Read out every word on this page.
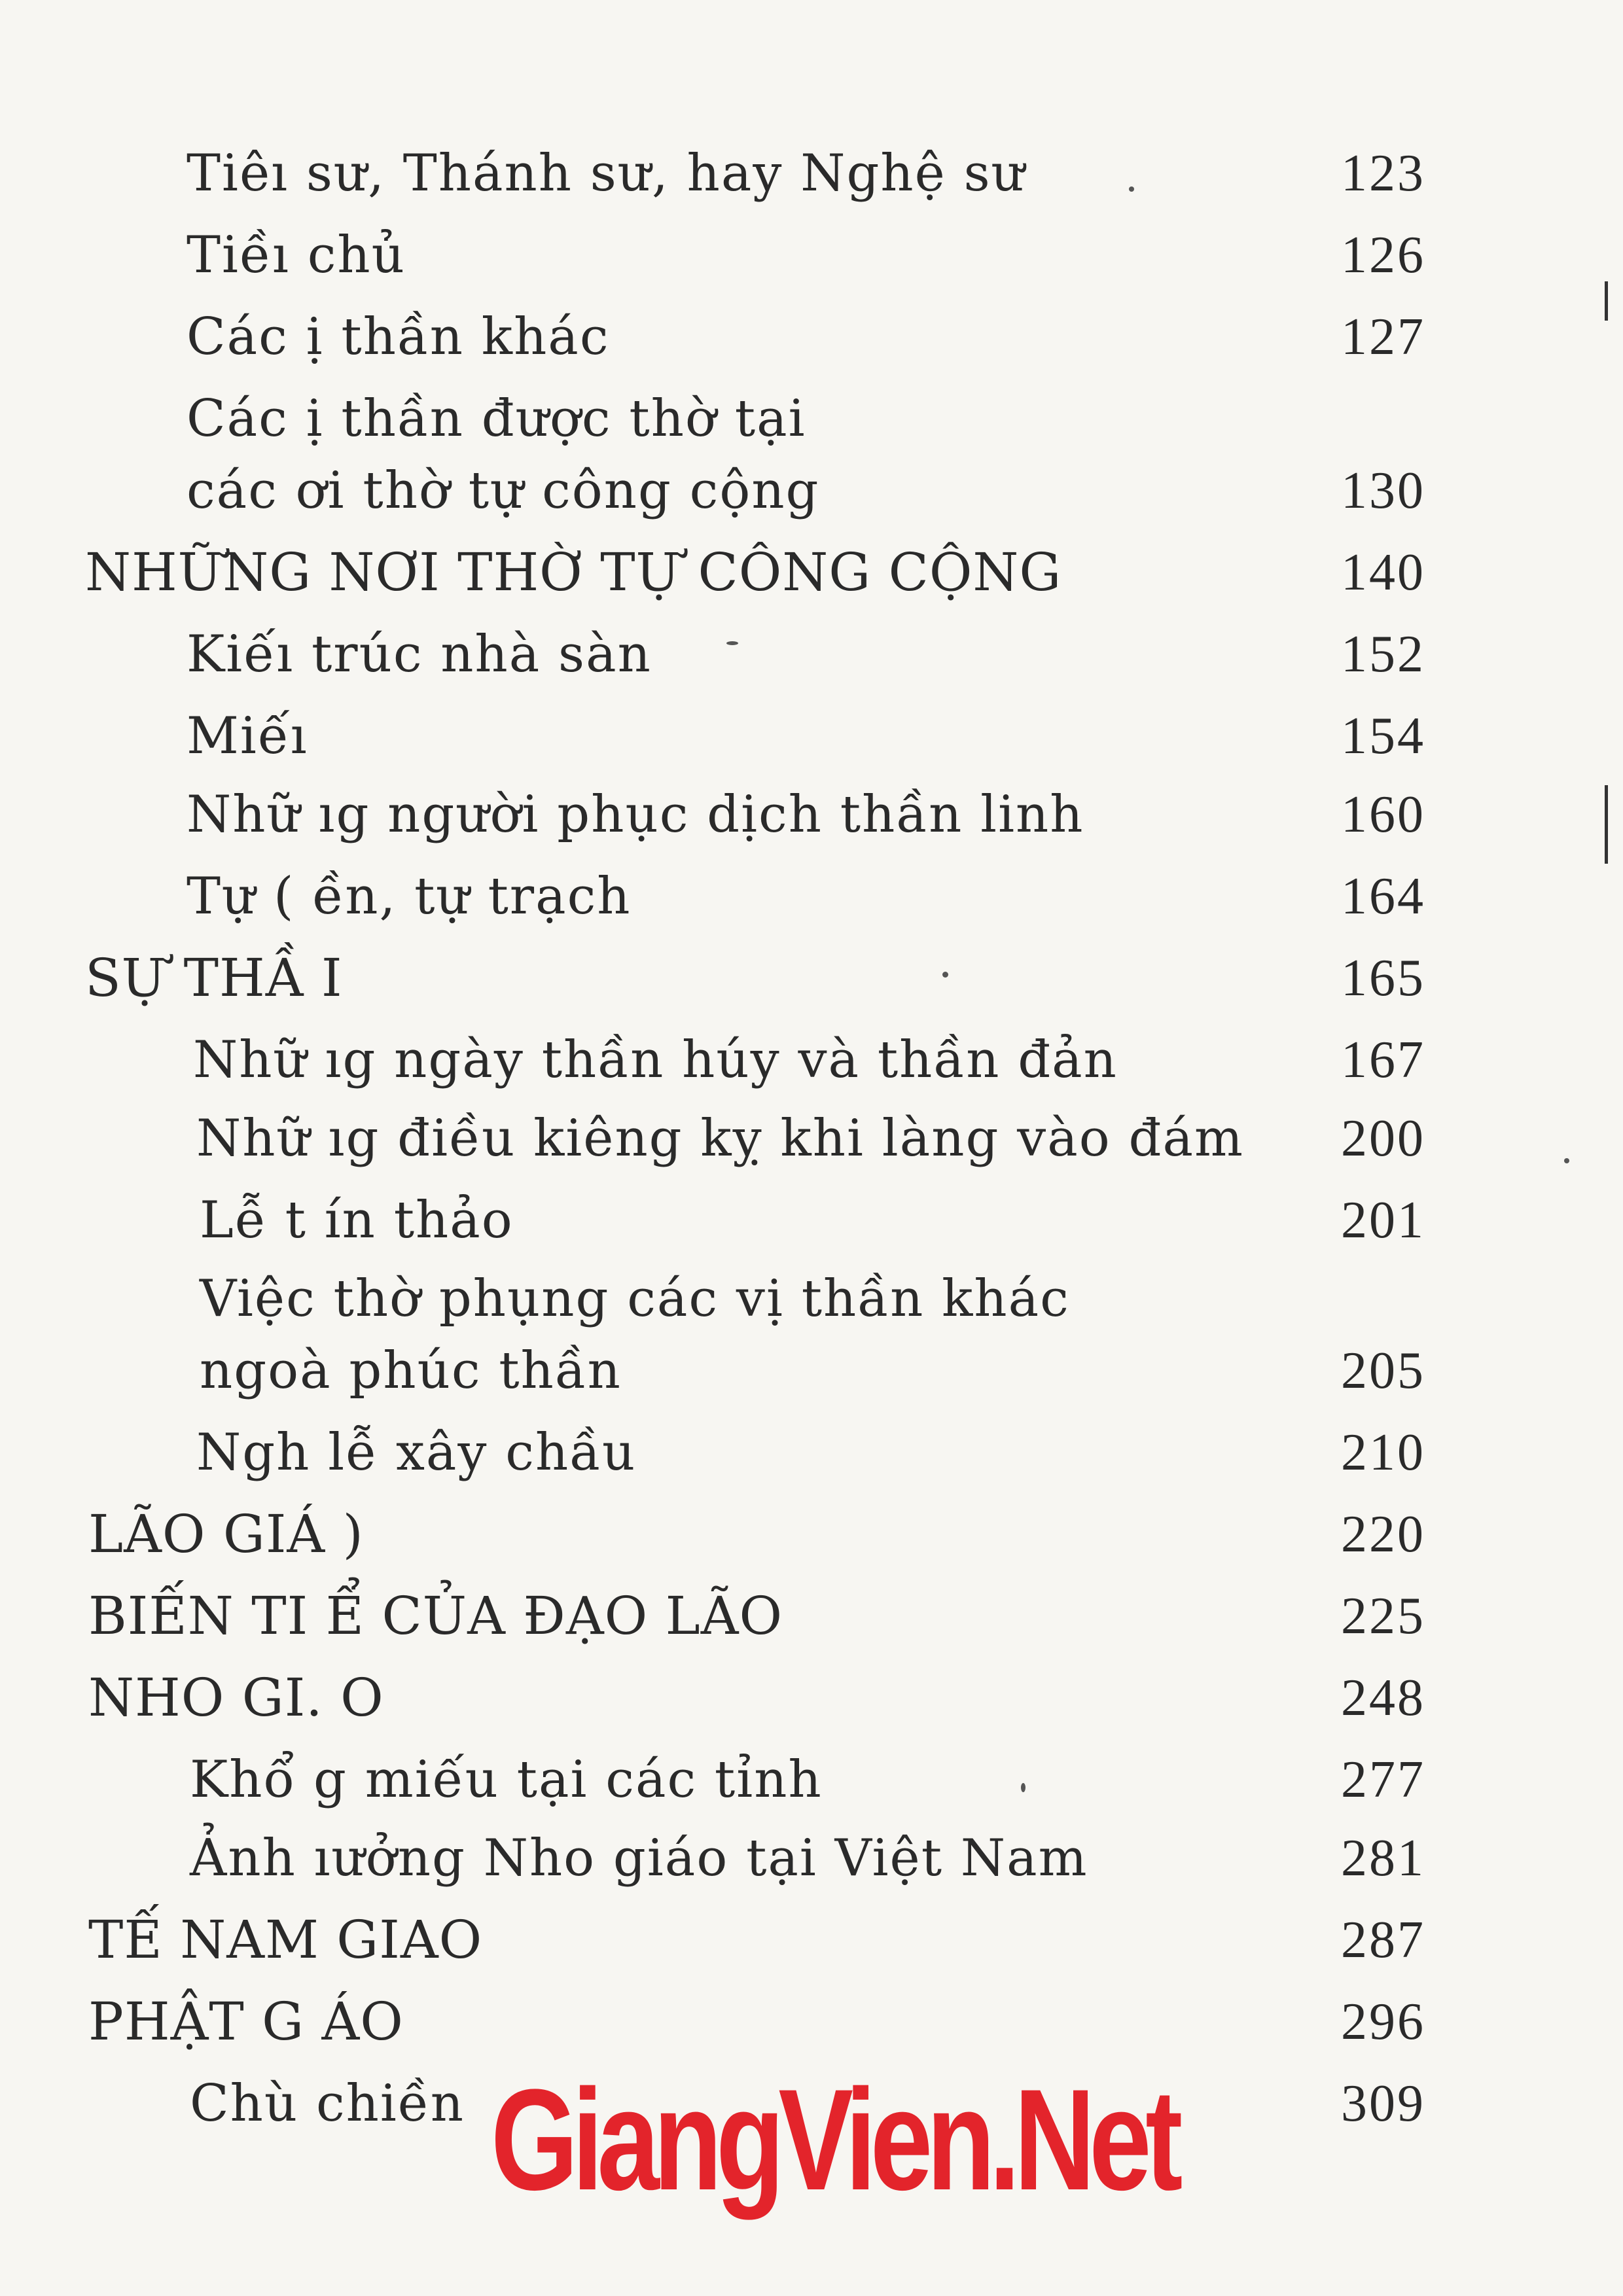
Tiêı sư, Thánh sư, hay Nghệ sư	123
Tiềı chủ	126
Các ị thần khác	127
Các ị thần được thờ tại
các ơi thờ tự công cộng	130
NHỮNG NƠI THỜ TỰ CÔNG CỘNG	140
Kiếı trúc nhà sàn	152
Miếı	154
Nhữ ıg người phục dịch thần linh	160
Tự ( ền, tự trạch	164
SỰ THẦ I	165
Nhữ ıg ngày thần húy và thần đản	167
Nhữ ıg điều kiêng kỵ khi làng vào đám	200
Lễ t ín thảo	201
Việc thờ phụng các vị thần khác
ngoà phúc thần	205
Ngh lễ xây chầu	210
LÃO GIÁ )	220
BIẾN TI Ể CỦA ĐẠO LÃO	225
NHO GI. O	248
Khổ g miếu tại các tỉnh	277
Ảnh ıưởng Nho giáo tại Việt Nam	281
TẾ NAM GIAO	287
PHẬT G ÁO	296
Chù chiền	309
GiangVien.Net
